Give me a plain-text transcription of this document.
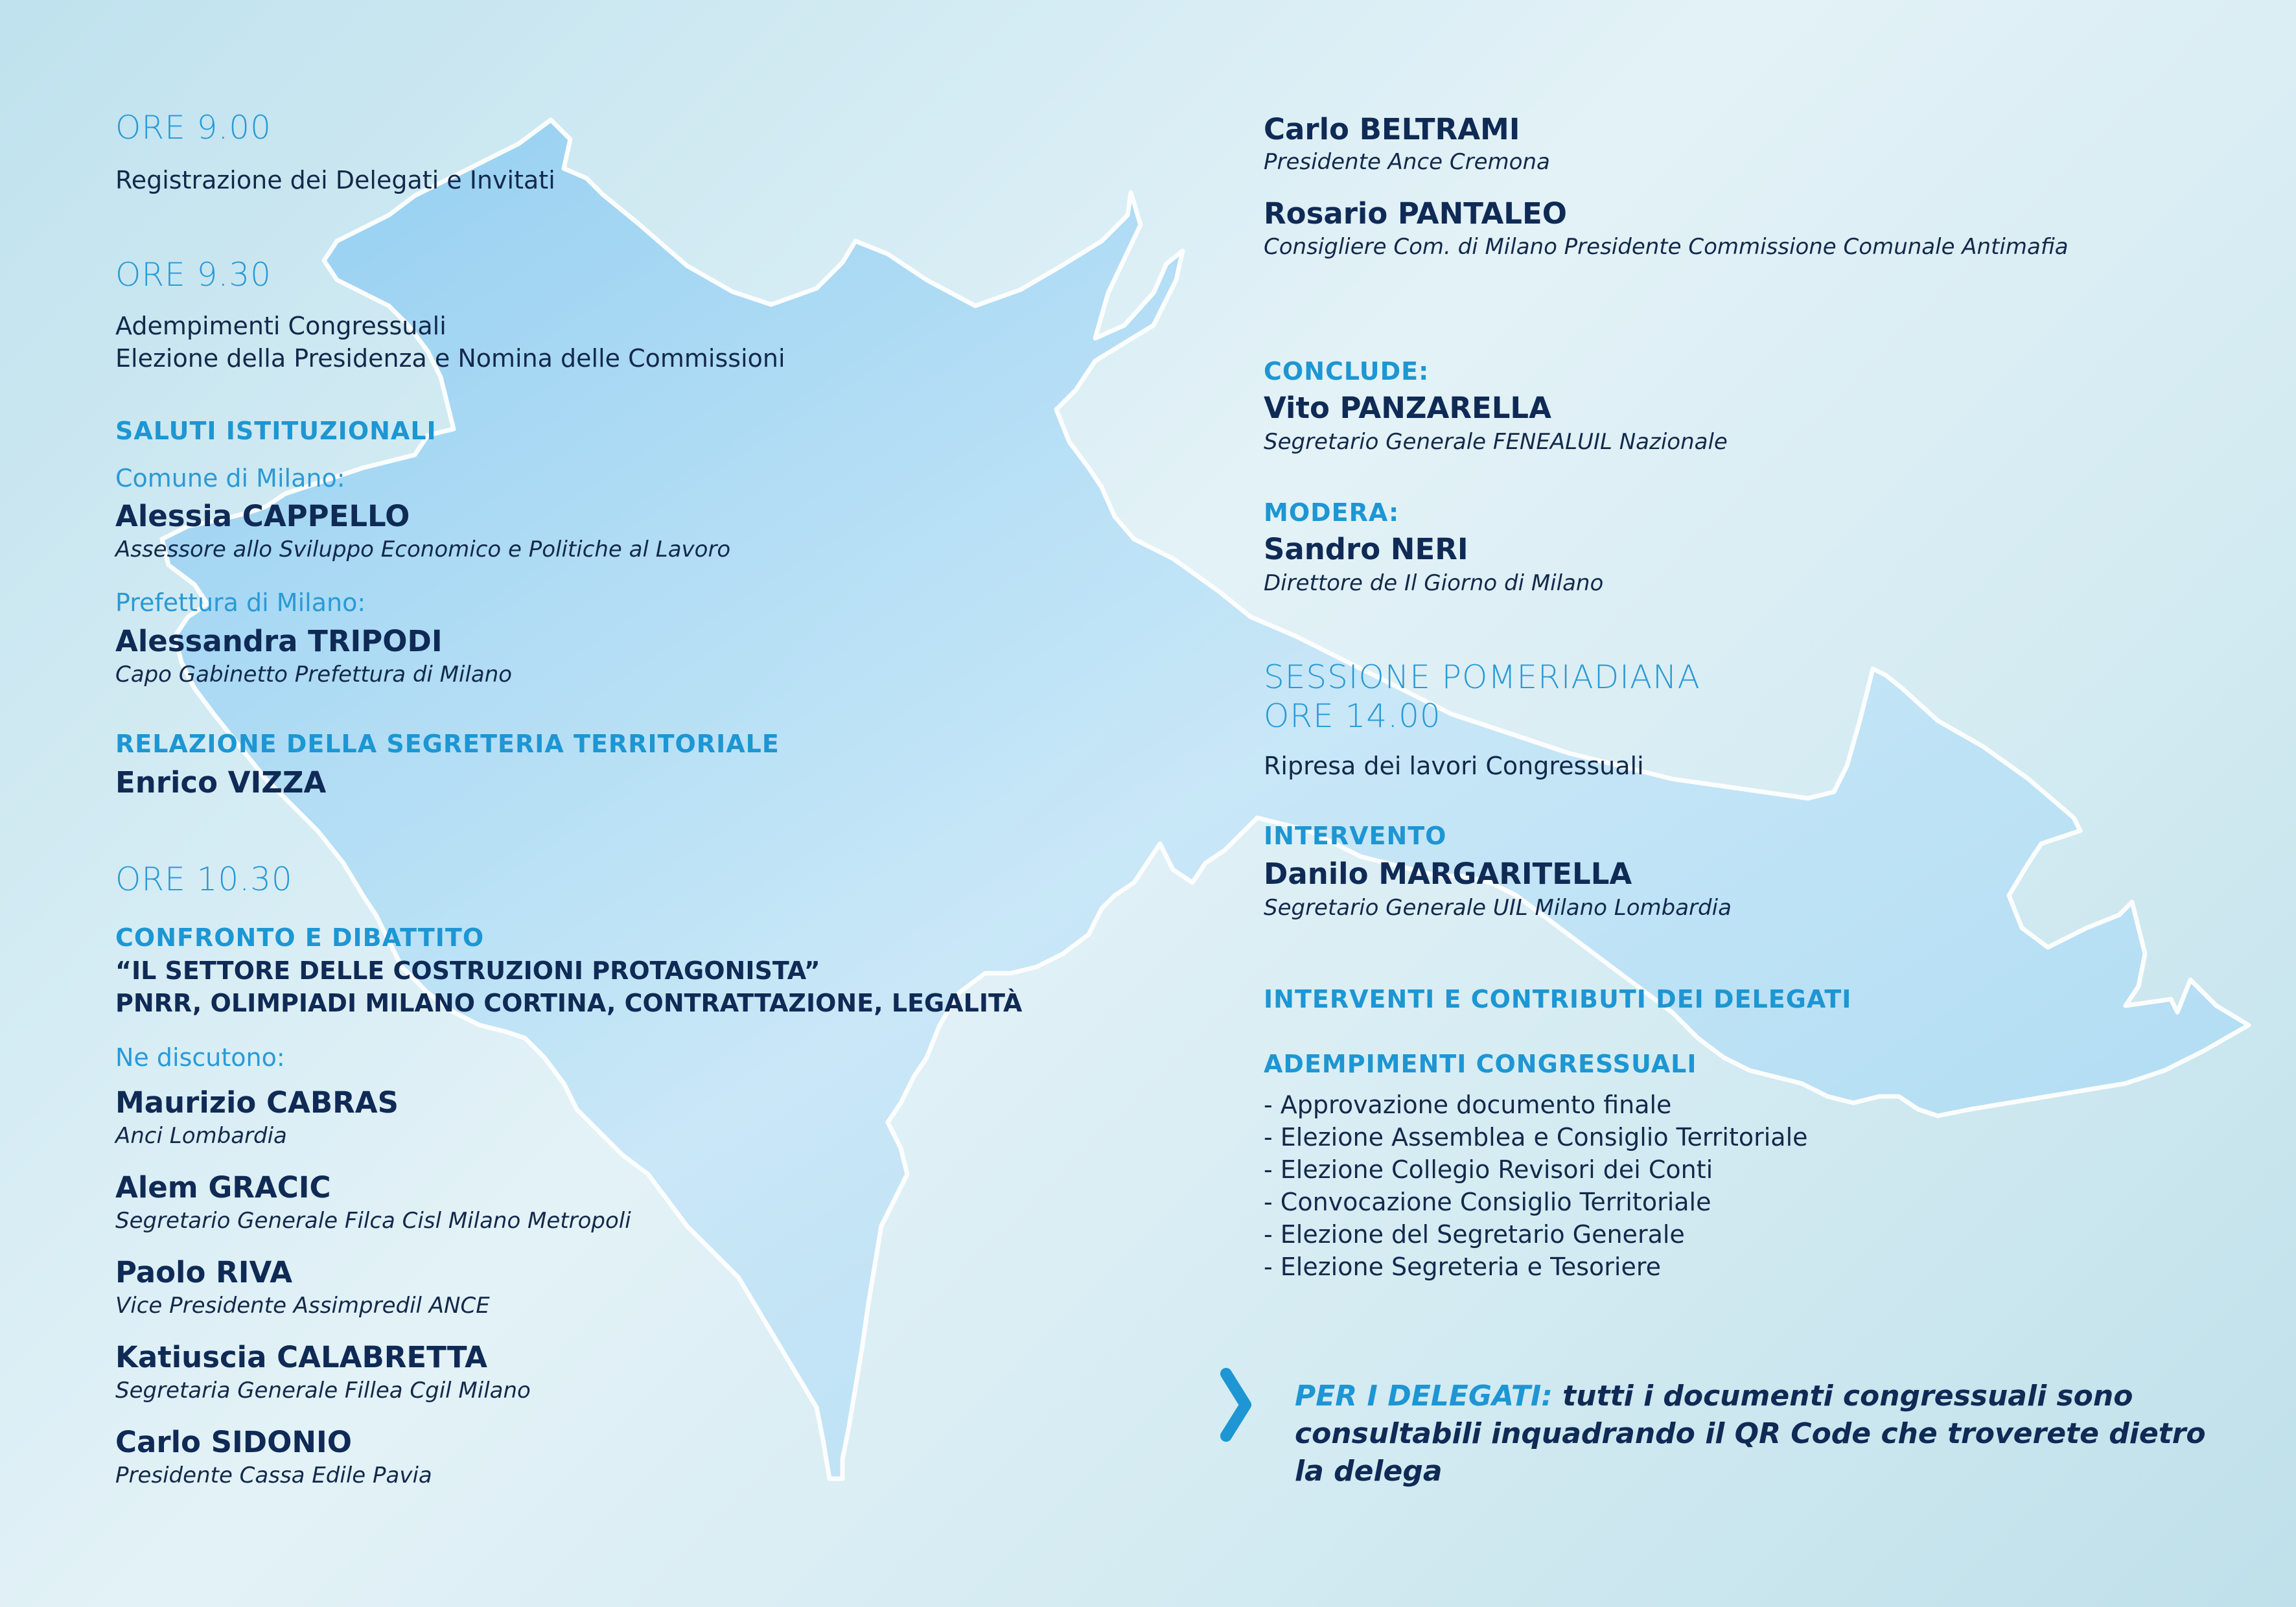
ORE 9.00
Registrazione dei Delegati e Invitati
ORE 9.30
Adempimenti Congressuali
Elezione della Presidenza e Nomina delle Commissioni
SALUTI ISTITUZIONALI
Comune di Milano:
Alessia CAPPELLO
Assessore allo Sviluppo Economico e Politiche al Lavoro
Prefettura di Milano:
Alessandra TRIPODI
Capo Gabinetto Prefettura di Milano
RELAZIONE DELLA SEGRETERIA TERRITORIALE
Enrico VIZZA
ORE 10.30
CONFRONTO E DIBATTITO
“IL SETTORE DELLE COSTRUZIONI PROTAGONISTA”
PNRR, OLIMPIADI MILANO CORTINA, CONTRATTAZIONE, LEGALITÀ
Ne discutono:
Maurizio CABRAS
Anci Lombardia
Alem GRACIC
Segretario Generale Filca Cisl Milano Metropoli
Paolo RIVA
Vice Presidente Assimpredil ANCE
Katiuscia CALABRETTA
Segretaria Generale Fillea Cgil Milano
Carlo SIDONIO
Presidente Cassa Edile Pavia
Carlo BELTRAMI
Presidente Ance Cremona
Rosario PANTALEO
Consigliere Com. di Milano Presidente Commissione Comunale Antimafia
CONCLUDE:
Vito PANZARELLA
Segretario Generale FENEALUIL Nazionale
MODERA:
Sandro NERI
Direttore de Il Giorno di Milano
SESSIONE POMERIADIANA
ORE 14.00
Ripresa dei lavori Congressuali
INTERVENTO
Danilo MARGARITELLA
Segretario Generale UIL Milano Lombardia
INTERVENTI E CONTRIBUTI DEI DELEGATI
ADEMPIMENTI CONGRESSUALI
- Approvazione documento finale
- Elezione Assemblea e Consiglio Territoriale
- Elezione Collegio Revisori dei Conti
- Convocazione Consiglio Territoriale
- Elezione del Segretario Generale
- Elezione Segreteria e Tesoriere
PER I DELEGATI: tutti i documenti congressuali sono consultabili inquadrando il QR Code che troverete dietro la delega
